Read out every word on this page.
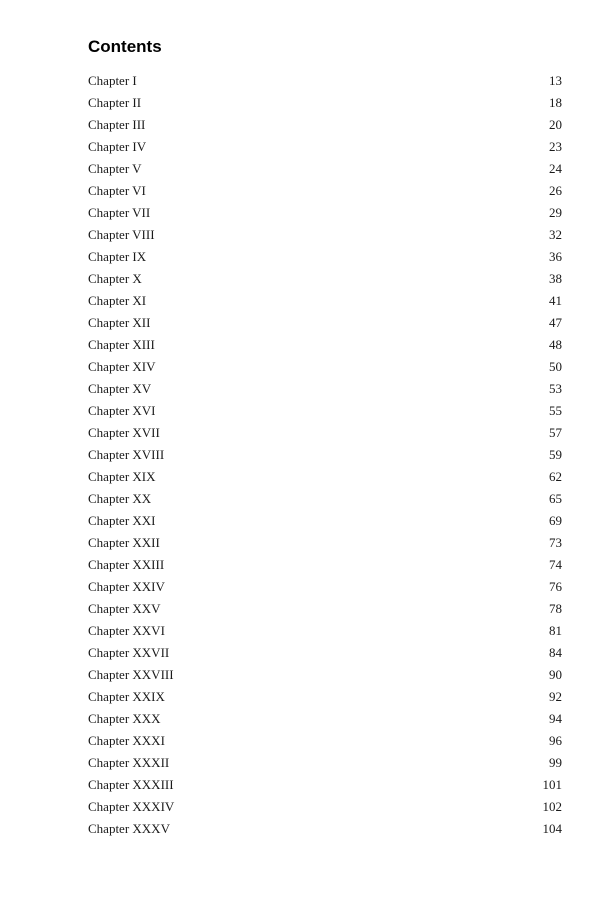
Contents
Chapter I	13
Chapter II	18
Chapter III	20
Chapter IV	23
Chapter V	24
Chapter VI	26
Chapter VII	29
Chapter VIII	32
Chapter IX	36
Chapter X	38
Chapter XI	41
Chapter XII	47
Chapter XIII	48
Chapter XIV	50
Chapter XV	53
Chapter XVI	55
Chapter XVII	57
Chapter XVIII	59
Chapter XIX	62
Chapter XX	65
Chapter XXI	69
Chapter XXII	73
Chapter XXIII	74
Chapter XXIV	76
Chapter XXV	78
Chapter XXVI	81
Chapter XXVII	84
Chapter XXVIII	90
Chapter XXIX	92
Chapter XXX	94
Chapter XXXI	96
Chapter XXXII	99
Chapter XXXIII	101
Chapter XXXIV	102
Chapter XXXV	104
